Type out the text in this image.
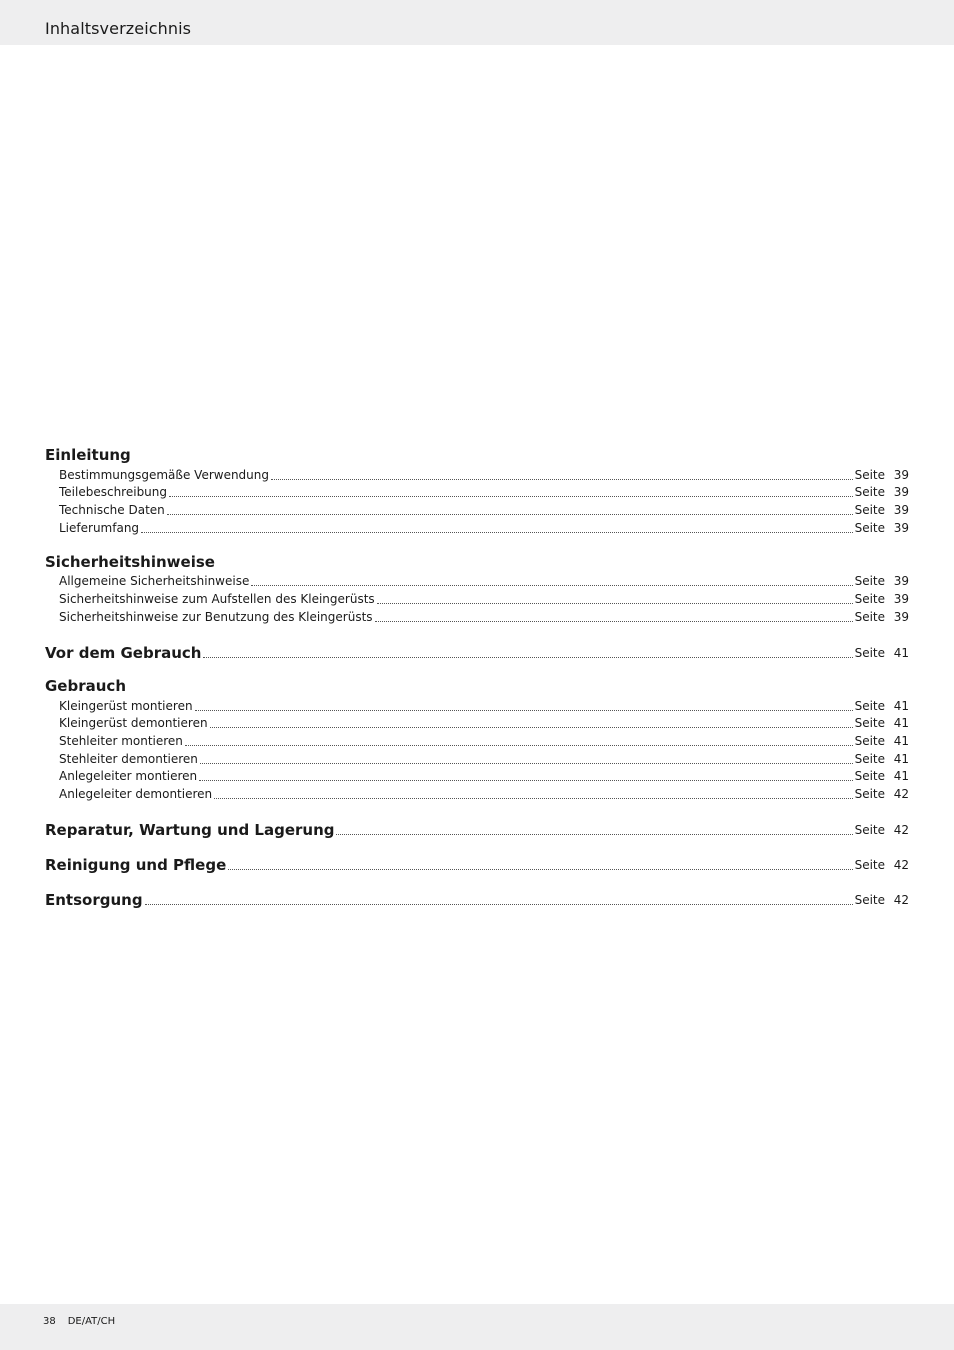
Inhaltsverzeichnis
Einleitung
Bestimmungsgemäße Verwendung	Seite 39
Teilebeschreibung	Seite 39
Technische Daten	Seite 39
Lieferumfang	Seite 39
Sicherheitshinweise
Allgemeine Sicherheitshinweise	Seite 39
Sicherheitshinweise zum Aufstellen des Kleingerüsts	Seite 39
Sicherheitshinweise zur Benutzung des Kleingerüsts	Seite 39
Vor dem Gebrauch	Seite 41
Gebrauch
Kleingerüst montieren	Seite 41
Kleingerüst demontieren	Seite 41
Stehleiter montieren	Seite 41
Stehleiter demontieren	Seite 41
Anlegeleiter montieren	Seite 41
Anlegeleiter demontieren	Seite 42
Reparatur, Wartung und Lagerung	Seite 42
Reinigung und Pflege	Seite 42
Entsorgung	Seite 42
38 DE/AT/CH
